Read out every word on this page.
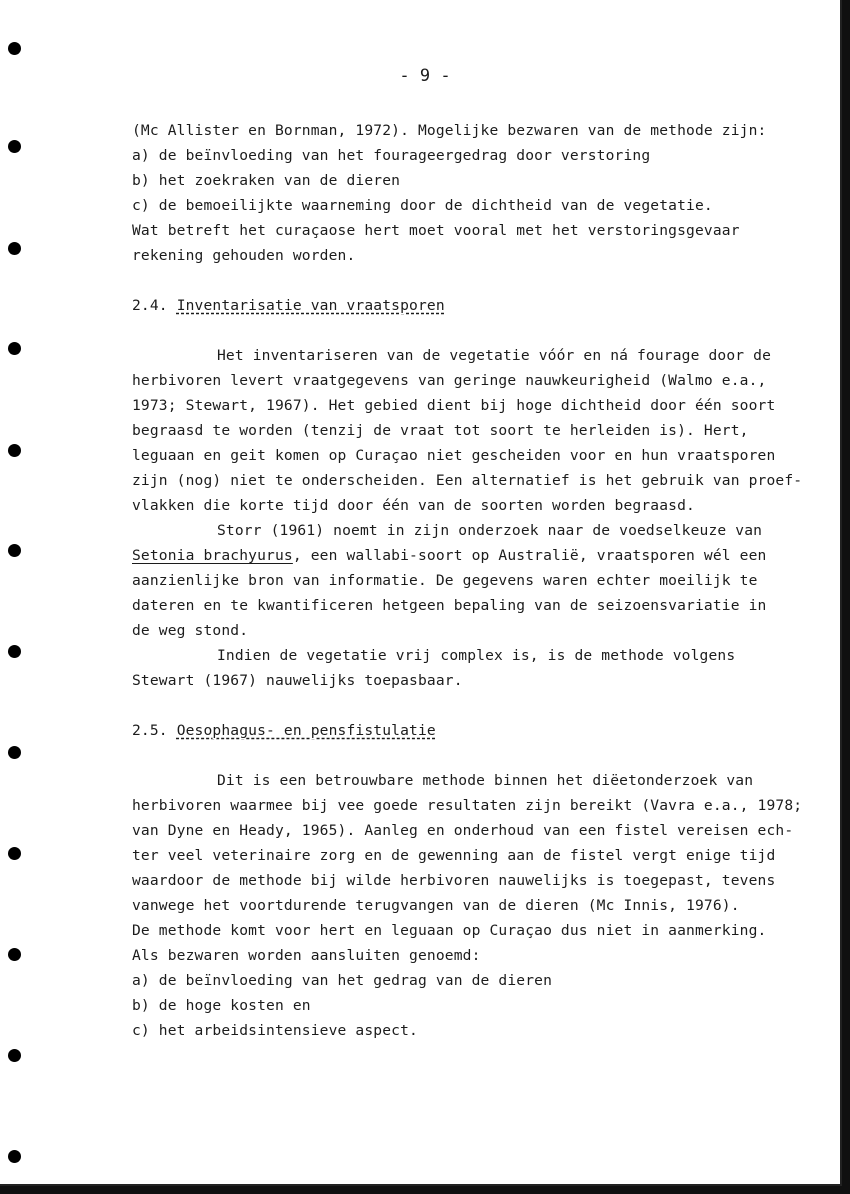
- 9 -
(Mc Allister en Bornman, 1972). Mogelijke bezwaren van de methode zijn:
a) de beïnvloeding van het fourageergedrag door verstoring
b) het zoekraken van de dieren
c) de bemoeilijkte waarneming door de dichtheid van de vegetatie.
Wat betreft het curaçaose hert moet vooral met het verstoringsgevaar
rekening gehouden worden.
2.4. Inventarisatie van vraatsporen
Het inventariseren van de vegetatie vóór en ná fourage door de
herbivoren levert vraatgegevens van geringe nauwkeurigheid (Walmo e.a.,
1973; Stewart, 1967). Het gebied dient bij hoge dichtheid door één soort
begraasd te worden (tenzij de vraat tot soort te herleiden is). Hert,
leguaan en geit komen op Curaçao niet gescheiden voor en hun vraatsporen
zijn (nog) niet te onderscheiden. Een alternatief is het gebruik van proef-
vlakken die korte tijd door één van de soorten worden begraasd.
Storr (1961) noemt in zijn onderzoek naar de voedselkeuze van
Setonia brachyurus, een wallabi-soort op Australië, vraatsporen wél een
aanzienlijke bron van informatie. De gegevens waren echter moeilijk te
dateren en te kwantificeren hetgeen bepaling van de seizoensvariatie in
de weg stond.
Indien de vegetatie vrij complex is, is de methode volgens
Stewart (1967) nauwelijks toepasbaar.
2.5. Oesophagus- en pensfistulatie
Dit is een betrouwbare methode binnen het diëetonderzoek van
herbivoren waarmee bij vee goede resultaten zijn bereikt (Vavra e.a., 1978;
van Dyne en Heady, 1965). Aanleg en onderhoud van een fistel vereisen ech-
ter veel veterinaire zorg en de gewenning aan de fistel vergt enige tijd
waardoor de methode bij wilde herbivoren nauwelijks is toegepast, tevens
vanwege het voortdurende terugvangen van de dieren (Mc Innis, 1976).
De methode komt voor hert en leguaan op Curaçao dus niet in aanmerking.
Als bezwaren worden aansluiten genoemd:
a) de beïnvloeding van het gedrag van de dieren
b) de hoge kosten en
c) het arbeidsintensieve aspect.
